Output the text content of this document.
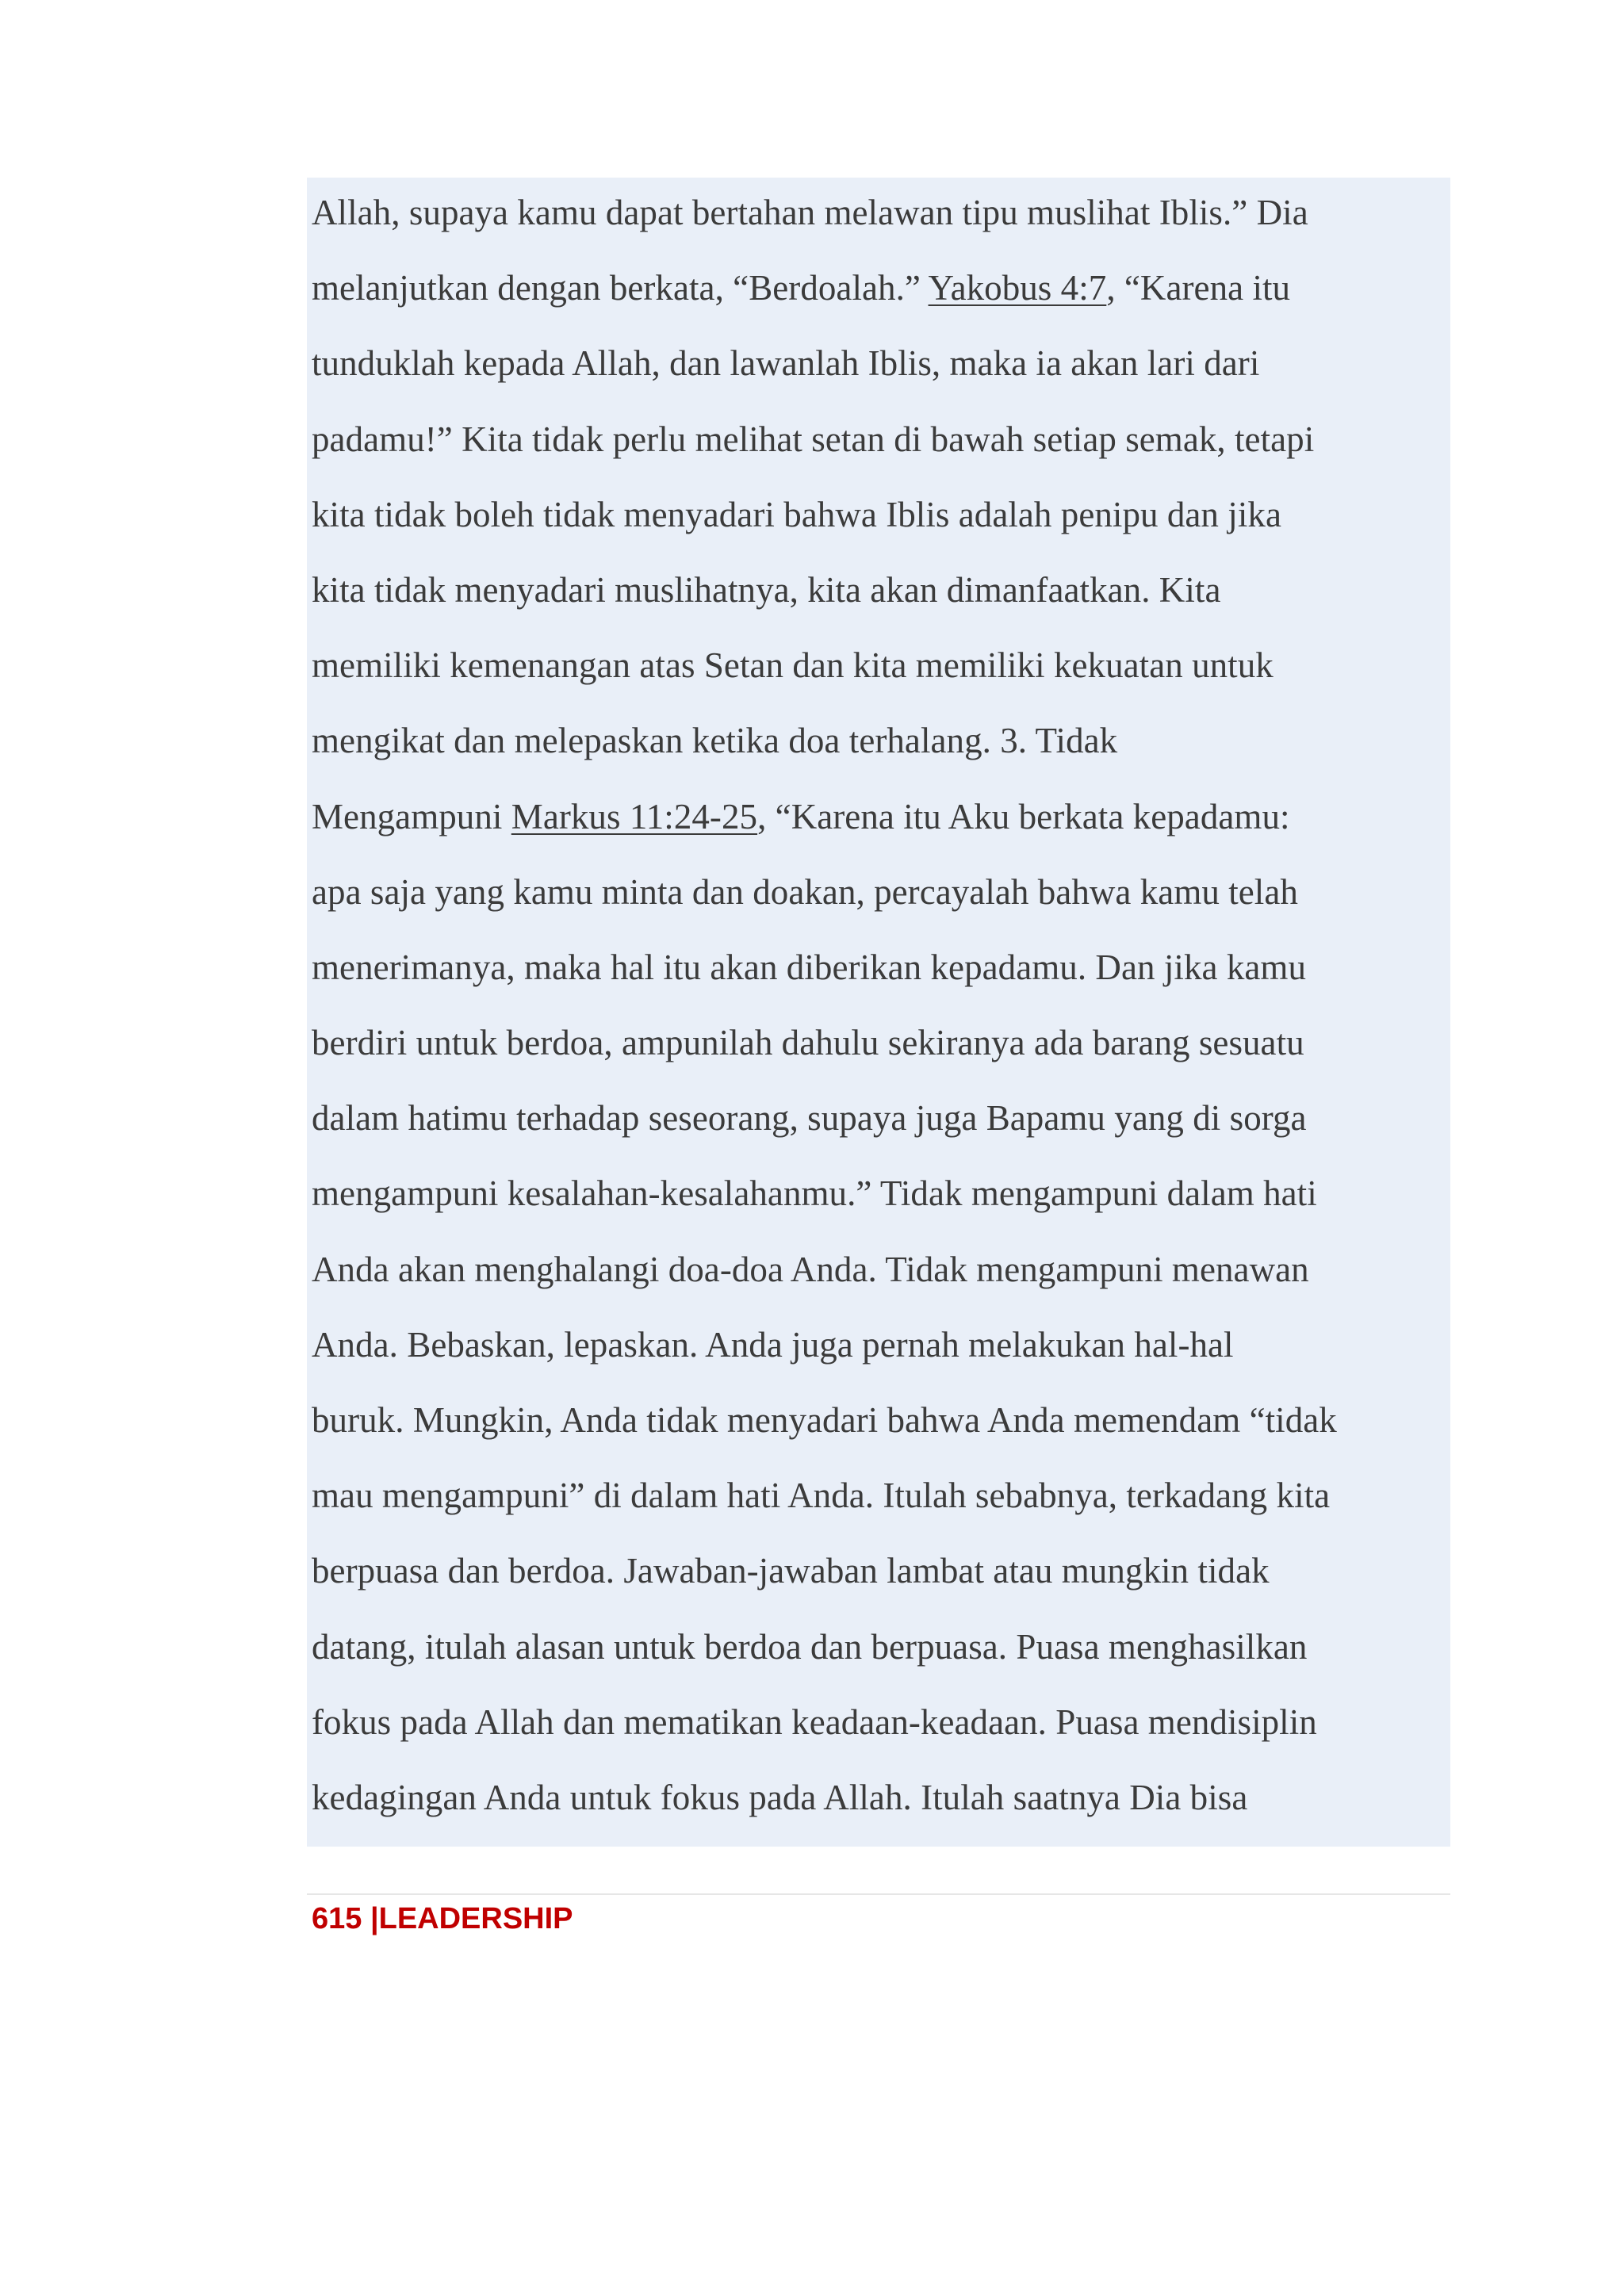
Allah, supaya kamu dapat bertahan melawan tipu muslihat Iblis.” Dia
melanjutkan dengan berkata, “Berdoalah.” Yakobus 4:7, “Karena itu
tunduklah kepada Allah, dan lawanlah Iblis, maka ia akan lari dari
padamu!” Kita tidak perlu melihat setan di bawah setiap semak, tetapi
kita tidak boleh tidak menyadari bahwa Iblis adalah penipu dan jika
kita tidak menyadari muslihatnya, kita akan dimanfaatkan. Kita
memiliki kemenangan atas Setan dan kita memiliki kekuatan untuk
mengikat dan melepaskan ketika doa terhalang. 3. Tidak
Mengampuni Markus 11:24-25, “Karena itu Aku berkata kepadamu:
apa saja yang kamu minta dan doakan, percayalah bahwa kamu telah
menerimanya, maka hal itu akan diberikan kepadamu. Dan jika kamu
berdiri untuk berdoa, ampunilah dahulu sekiranya ada barang sesuatu
dalam hatimu terhadap seseorang, supaya juga Bapamu yang di sorga
mengampuni kesalahan-kesalahanmu.” Tidak mengampuni dalam hati
Anda akan menghalangi doa-doa Anda. Tidak mengampuni menawan
Anda. Bebaskan, lepaskan. Anda juga pernah melakukan hal-hal
buruk. Mungkin, Anda tidak menyadari bahwa Anda memendam “tidak
mau mengampuni” di dalam hati Anda. Itulah sebabnya, terkadang kita
berpuasa dan berdoa. Jawaban-jawaban lambat atau mungkin tidak
datang, itulah alasan untuk berdoa dan berpuasa. Puasa menghasilkan
fokus pada Allah dan mematikan keadaan-keadaan. Puasa mendisiplin
kedagingan Anda untuk fokus pada Allah. Itulah saatnya Dia bisa

615 |LEADERSHIP
